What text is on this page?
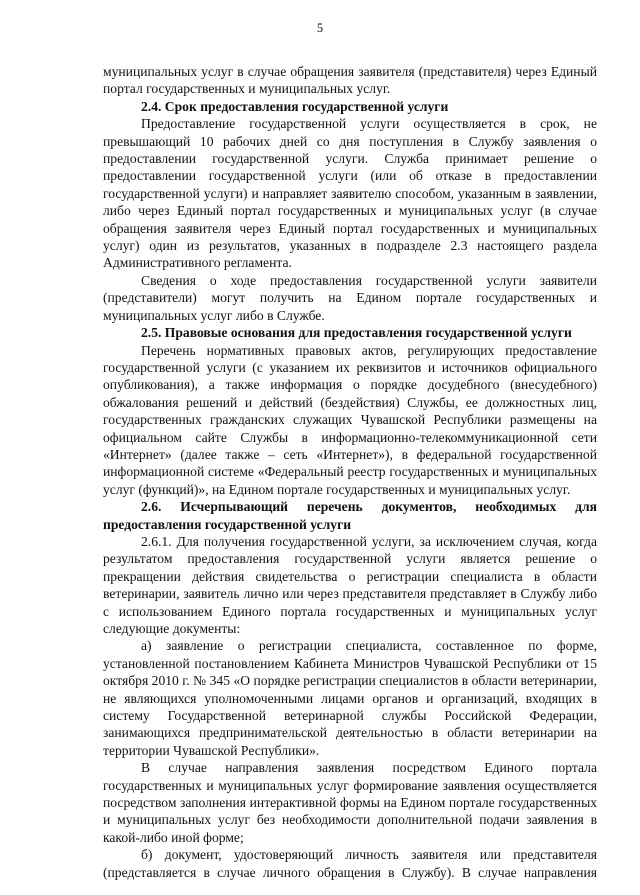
5

муниципальных услуг в случае обращения заявителя (представителя) через Единый портал государственных и муниципальных услуг.

2.4. Срок предоставления государственной услуги

Предоставление государственной услуги осуществляется в срок, не превышающий 10 рабочих дней со дня поступления в Службу заявления о предоставлении государственной услуги. Служба принимает решение о предоставлении государственной услуги (или об отказе в предоставлении государственной услуги) и направляет заявителю способом, указанным в заявлении, либо через Единый портал государственных и муниципальных услуг (в случае обращения заявителя через Единый портал государственных и муниципальных услуг) один из результатов, указанных в подразделе 2.3 настоящего раздела Административного регламента.

Сведения о ходе предоставления государственной услуги заявители (представители) могут получить на Едином портале государственных и муниципальных услуг либо в Службе.

2.5. Правовые основания для предоставления государственной услуги

Перечень нормативных правовых актов, регулирующих предоставление государственной услуги (с указанием их реквизитов и источников официального опубликования), а также информация о порядке досудебного (внесудебного) обжалования решений и действий (бездействия) Службы, ее должностных лиц, государственных гражданских служащих Чувашской Республики размещены на официальном сайте Службы в информационно-телекоммуникационной сети «Интернет» (далее также – сеть «Интернет»), в федеральной государственной информационной системе «Федеральный реестр государственных и муниципальных услуг (функций)», на Едином портале государственных и муниципальных услуг.

2.6. Исчерпывающий перечень документов, необходимых для

предоставления государственной услуги

2.6.1. Для получения государственной услуги, за исключением случая, когда результатом предоставления государственной услуги является решение о прекращении действия свидетельства о регистрации специалиста в области ветеринарии, заявитель лично или через представителя представляет в Службу либо с использованием Единого портала государственных и муниципальных услуг следующие документы:

а) заявление о регистрации специалиста, составленное по форме, установленной постановлением Кабинета Министров Чувашской Республики от 15 октября 2010 г. № 345 «О порядке регистрации специалистов в области ветеринарии, не являющихся уполномоченными лицами органов и организаций, входящих в систему Государственной ветеринарной службы Российской Федерации, занимающихся предпринимательской деятельностью в области ветеринарии на территории Чувашской Республики».

В случае направления заявления посредством Единого портала государственных и муниципальных услуг формирование заявления осуществляется посредством заполнения интерактивной формы на Едином портале государственных и муниципальных услуг без необходимости дополнительной подачи заявления в какой-либо иной форме;

б) документ, удостоверяющий личность заявителя или представителя (представляется в случае личного обращения в Службу). В случае направления
